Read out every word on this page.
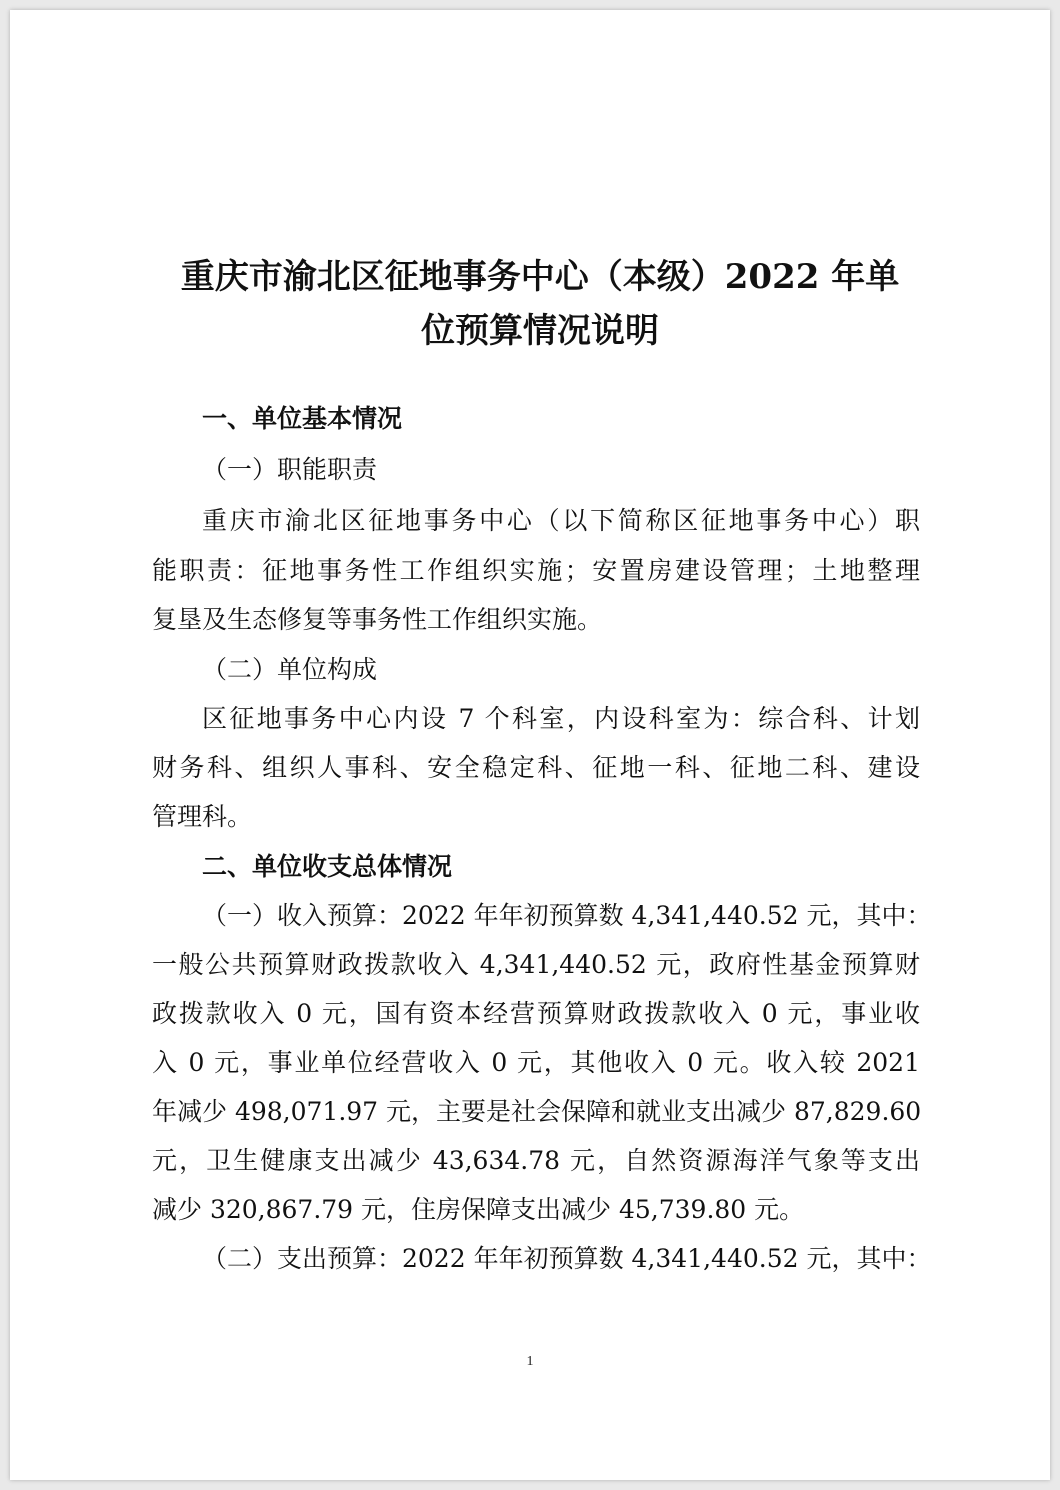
重庆市渝北区征地事务中心（本级）2022 年单
位预算情况说明

一、单位基本情况

（一）职能职责

重庆市渝北区征地事务中心（以下简称区征地事务中心）职

能职责：征地事务性工作组织实施；安置房建设管理；土地整理

复垦及生态修复等事务性工作组织实施。

（二）单位构成

区征地事务中心内设 7 个科室，内设科室为：综合科、计划

财务科、组织人事科、安全稳定科、征地一科、征地二科、建设

管理科。

二、单位收支总体情况

（一）收入预算：2022 年年初预算数 4,341,440.52 元，其中：

一般公共预算财政拨款收入 4,341,440.52 元，政府性基金预算财

政拨款收入 0 元，国有资本经营预算财政拨款收入 0 元，事业收

入 0 元，事业单位经营收入 0 元，其他收入 0 元。收入较 2021

年减少 498,071.97 元，主要是社会保障和就业支出减少 87,829.60

元，卫生健康支出减少 43,634.78 元，自然资源海洋气象等支出

减少 320,867.79 元，住房保障支出减少 45,739.80 元。

（二）支出预算：2022 年年初预算数 4,341,440.52 元，其中：

1
